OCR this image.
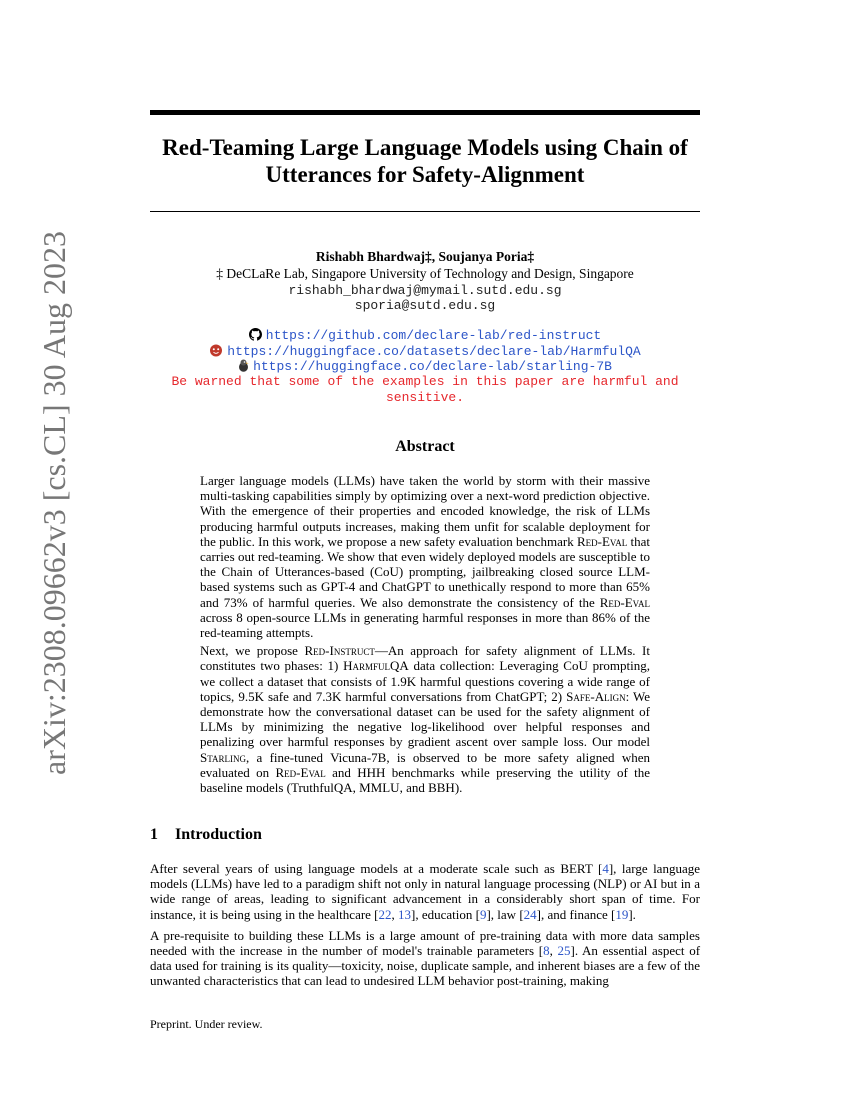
arXiv:2308.09662v3 [cs.CL] 30 Aug 2023
Red-Teaming Large Language Models using Chain of Utterances for Safety-Alignment
Rishabh Bhardwaj‡, Soujanya Poria‡
‡ DeCLaRe Lab, Singapore University of Technology and Design, Singapore
rishabh_bhardwaj@mymail.sutd.edu.sg
sporia@sutd.edu.sg
https://github.com/declare-lab/red-instruct
https://huggingface.co/datasets/declare-lab/HarmfulQA
https://huggingface.co/declare-lab/starling-7B
Be warned that some of the examples in this paper are harmful and sensitive.
Abstract

Larger language models (LLMs) have taken the world by storm with their massive multi-tasking capabilities simply by optimizing over a next-word prediction objective. With the emergence of their properties and encoded knowledge, the risk of LLMs producing harmful outputs increases, making them unfit for scalable deployment for the public. In this work, we propose a new safety evaluation benchmark Red-Eval that carries out red-teaming. We show that even widely deployed models are susceptible to the Chain of Utterances-based (CoU) prompting, jailbreaking closed source LLM-based systems such as GPT-4 and ChatGPT to unethically respond to more than 65% and 73% of harmful queries. We also demonstrate the consistency of the Red-Eval across 8 open-source LLMs in generating harmful responses in more than 86% of the red-teaming attempts.

Next, we propose Red-Instruct—An approach for safety alignment of LLMs. It constitutes two phases: 1) HarmfulQA data collection: Leveraging CoU prompting, we collect a dataset that consists of 1.9K harmful questions covering a wide range of topics, 9.5K safe and 7.3K harmful conversations from ChatGPT; 2) Safe-Align: We demonstrate how the conversational dataset can be used for the safety alignment of LLMs by minimizing the negative log-likelihood over helpful responses and penalizing over harmful responses by gradient ascent over sample loss. Our model Starling, a fine-tuned Vicuna-7B, is observed to be more safety aligned when evaluated on Red-Eval and HHH benchmarks while preserving the utility of the baseline models (TruthfulQA, MMLU, and BBH).

1 Introduction

After several years of using language models at a moderate scale such as BERT [4], large language models (LLMs) have led to a paradigm shift not only in natural language processing (NLP) or AI but in a wide range of areas, leading to significant advancement in a considerably short span of time. For instance, it is being using in the healthcare [22, 13], education [9], law [24], and finance [19].

A pre-requisite to building these LLMs is a large amount of pre-training data with more data samples needed with the increase in the number of model's trainable parameters [8, 25]. An essential aspect of data used for training is its quality—toxicity, noise, duplicate sample, and inherent biases are a few of the unwanted characteristics that can lead to undesired LLM behavior post-training, making

Preprint. Under review.
